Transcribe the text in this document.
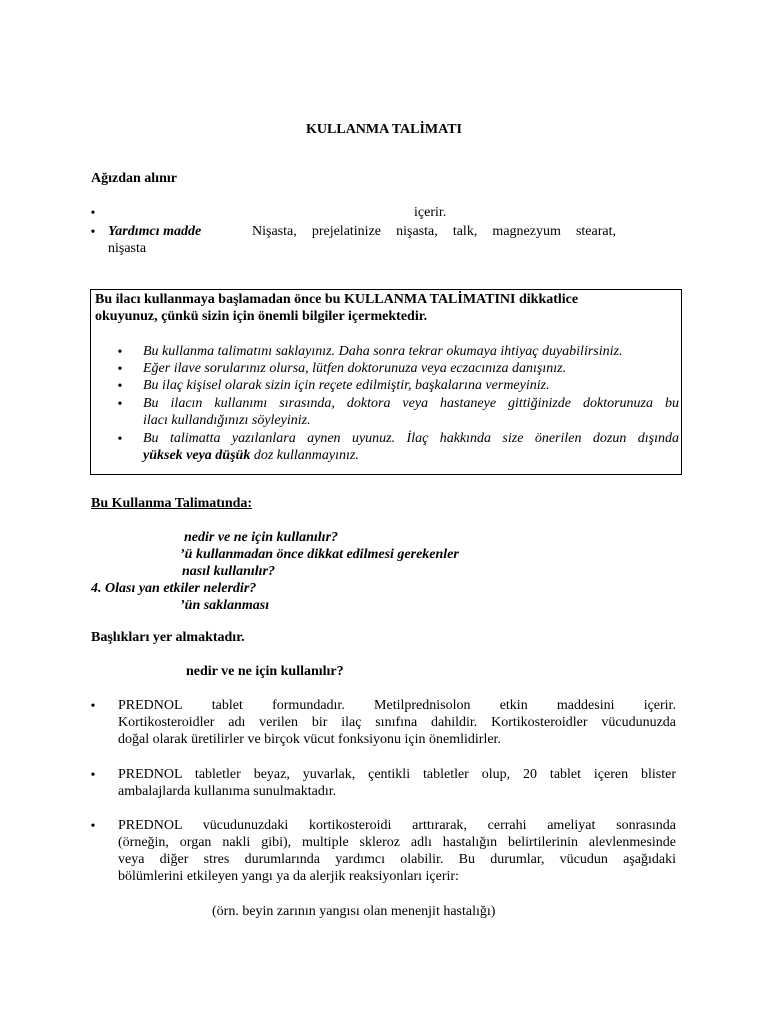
KULLANMA TALİMATI
Ağızdan alınır
•	içerir.
• Yardımcı madde	Nişasta, prejelatinize nişasta, talk, magnezyum stearat,
nişasta
Bu ilacı kullanmaya başlamadan önce bu KULLANMA TALİMATINI dikkatlice
okuyunuz, çünkü sizin için önemli bilgiler içermektedir.
• Bu kullanma talimatını saklayınız. Daha sonra tekrar okumaya ihtiyaç duyabilirsiniz.
• Eğer ilave sorularınız olursa, lütfen doktorunuza veya eczacınıza danışınız.
• Bu ilaç kişisel olarak sizin için reçete edilmiştir, başkalarına vermeyiniz.
• Bu ilacın kullanımı sırasında, doktora veya hastaneye gittiğinizde doktorunuza bu
ilacı kullandığınızı söyleyiniz.
• Bu talimatta yazılanlara aynen uyunuz. İlaç hakkında size önerilen dozun dışında
yüksek veya düşük doz kullanmayınız.
Bu Kullanma Talimatında:
nedir ve ne için kullanılır?
’ü kullanmadan önce dikkat edilmesi gerekenler
nasıl kullanılır?
4. Olası yan etkiler nelerdir?
’ün saklanması
Başlıkları yer almaktadır.
nedir ve ne için kullanılır?
• PREDNOL tablet formundadır. Metilprednisolon etkin maddesini içerir.
Kortikosteroidler adı verilen bir ilaç sınıfına dahildir. Kortikosteroidler vücudunuzda
doğal olarak üretilirler ve birçok vücut fonksiyonu için önemlidirler.
• PREDNOL tabletler beyaz, yuvarlak, çentikli tabletler olup, 20 tablet içeren blister
ambalajlarda kullanıma sunulmaktadır.
• PREDNOL vücudunuzdaki kortikosteroidi arttırarak, cerrahi ameliyat sonrasında
(örneğin, organ nakli gibi), multiple skleroz adlı hastalığın belirtilerinin alevlenmesinde
veya diğer stres durumlarında yardımcı olabilir. Bu durumlar, vücudun aşağıdaki
bölümlerini etkileyen yangı ya da alerjik reaksiyonları içerir:
(örn. beyin zarının yangısı olan menenjit hastalığı)
